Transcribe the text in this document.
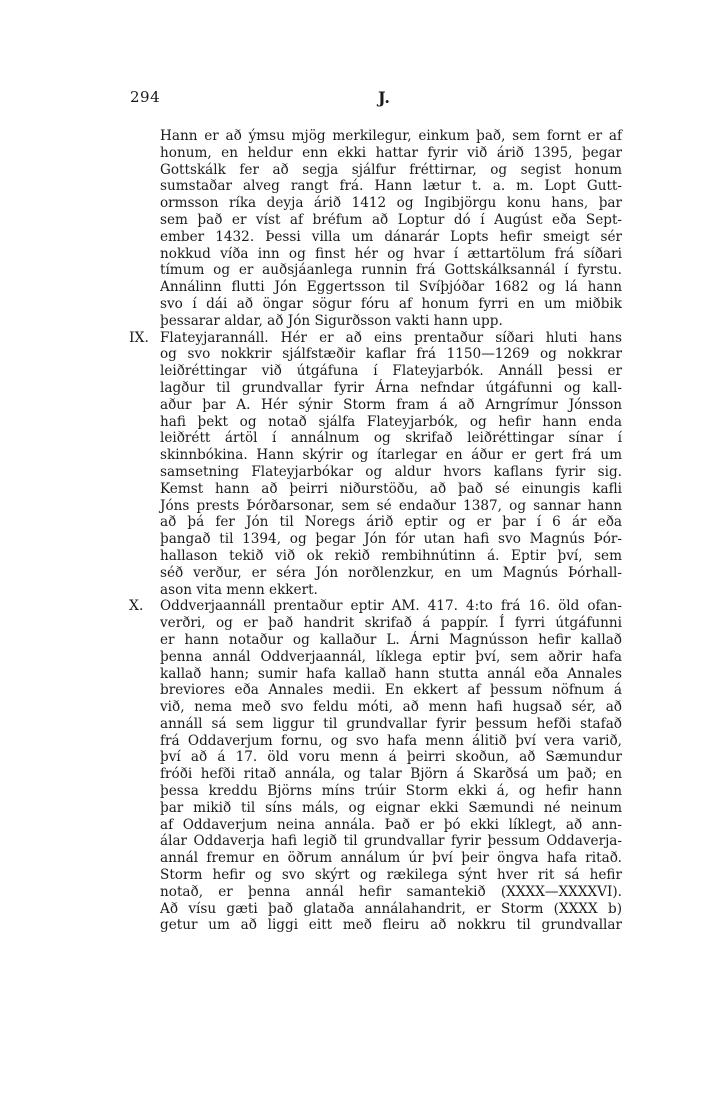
294	J.
Hann er að ýmsu mjög merkilegur, einkum það, sem fornt er af
honum, en heldur enn ekki hattar fyrir við árið 1395, þegar
Gottskálk fer að segja sjálfur fréttirnar, og segist honum
sumstaðar alveg rangt frá. Hann lætur t. a. m. Lopt Gutt-
ormsson ríka deyja árið 1412 og Ingibjörgu konu hans, þar
sem það er víst af bréfum að Loptur dó í Augúst eða Sept-
ember 1432. Þessi villa um dánarár Lopts hefir smeigt sér
nokkud víða inn og finst hér og hvar í ættartölum frá síðari
tímum og er auðsjáanlega runnin frá Gottskálksannál í fyrstu.
Annálinn flutti Jón Eggertsson til Svíþjóðar 1682 og lá hann
svo í dái að öngar sögur fóru af honum fyrri en um miðbik
þessarar aldar, að Jón Sigurðsson vakti hann upp.
IX. Flateyjarannáll. Hér er að eins prentaður síðari hluti hans
og svo nokkrir sjálfstæðir kaflar frá 1150—1269 og nokkrar
leiðréttingar við útgáfuna í Flateyjarbók. Annáll þessi er
lagður til grundvallar fyrir Árna nefndar útgáfunni og kall-
aður þar A. Hér sýnir Storm fram á að Arngrímur Jónsson
hafi þekt og notað sjálfa Flateyjarbók, og hefir hann enda
leiðrétt ártöl í annálnum og skrifað leiðréttingar sínar í
skinnbókina. Hann skýrir og ítarlegar en áður er gert frá um
samsetning Flateyjarbókar og aldur hvors kaflans fyrir sig.
Kemst hann að þeirri niðurstöðu, að það sé einungis kafli
Jóns prests Þórðarsonar, sem sé endaður 1387, og sannar hann
að þá fer Jón til Noregs árið eptir og er þar í 6 ár eða
þangað til 1394, og þegar Jón fór utan hafi svo Magnús Þór-
hallason tekið við ok rekið rembihnútinn á. Eptir því, sem
séð verður, er séra Jón norðlenzkur, en um Magnús Þórhall-
ason vita menn ekkert.
X. Oddverjaannáll prentaður eptir AM. 417. 4:to frá 16. öld ofan-
verðri, og er það handrit skrifað á pappír. Í fyrri útgáfunni
er hann notaður og kallaður L. Árni Magnússon hefir kallað
þenna annál Oddverjaannál, líklega eptir því, sem aðrir hafa
kallað hann; sumir hafa kallað hann stutta annál eða Annales
breviores eða Annales medii. En ekkert af þessum nöfnum á
við, nema með svo feldu móti, að menn hafi hugsað sér, að
annáll sá sem liggur til grundvallar fyrir þessum hefði stafað
frá Oddaverjum fornu, og svo hafa menn álitið því vera varið,
því að á 17. öld voru menn á þeirri skoðun, að Sæmundur
fróði hefði ritað annála, og talar Björn á Skarðsá um það; en
þessa kreddu Björns míns trúir Storm ekki á, og hefir hann
þar mikið til síns máls, og eignar ekki Sæmundi né neinum
af Oddaverjum neina annála. Það er þó ekki líklegt, að ann-
álar Oddaverja hafi legið til grundvallar fyrir þessum Oddaverja-
annál fremur en öðrum annálum úr því þeir öngva hafa ritað.
Storm hefir og svo skýrt og rækilega sýnt hver rit sá hefir
notað, er þenna annál hefir samantekið (XXXX—XXXXVI).
Að vísu gæti það glataða annálahandrit, er Storm (XXXX b)
getur um að liggi eitt með fleiru að nokkru til grundvallar
